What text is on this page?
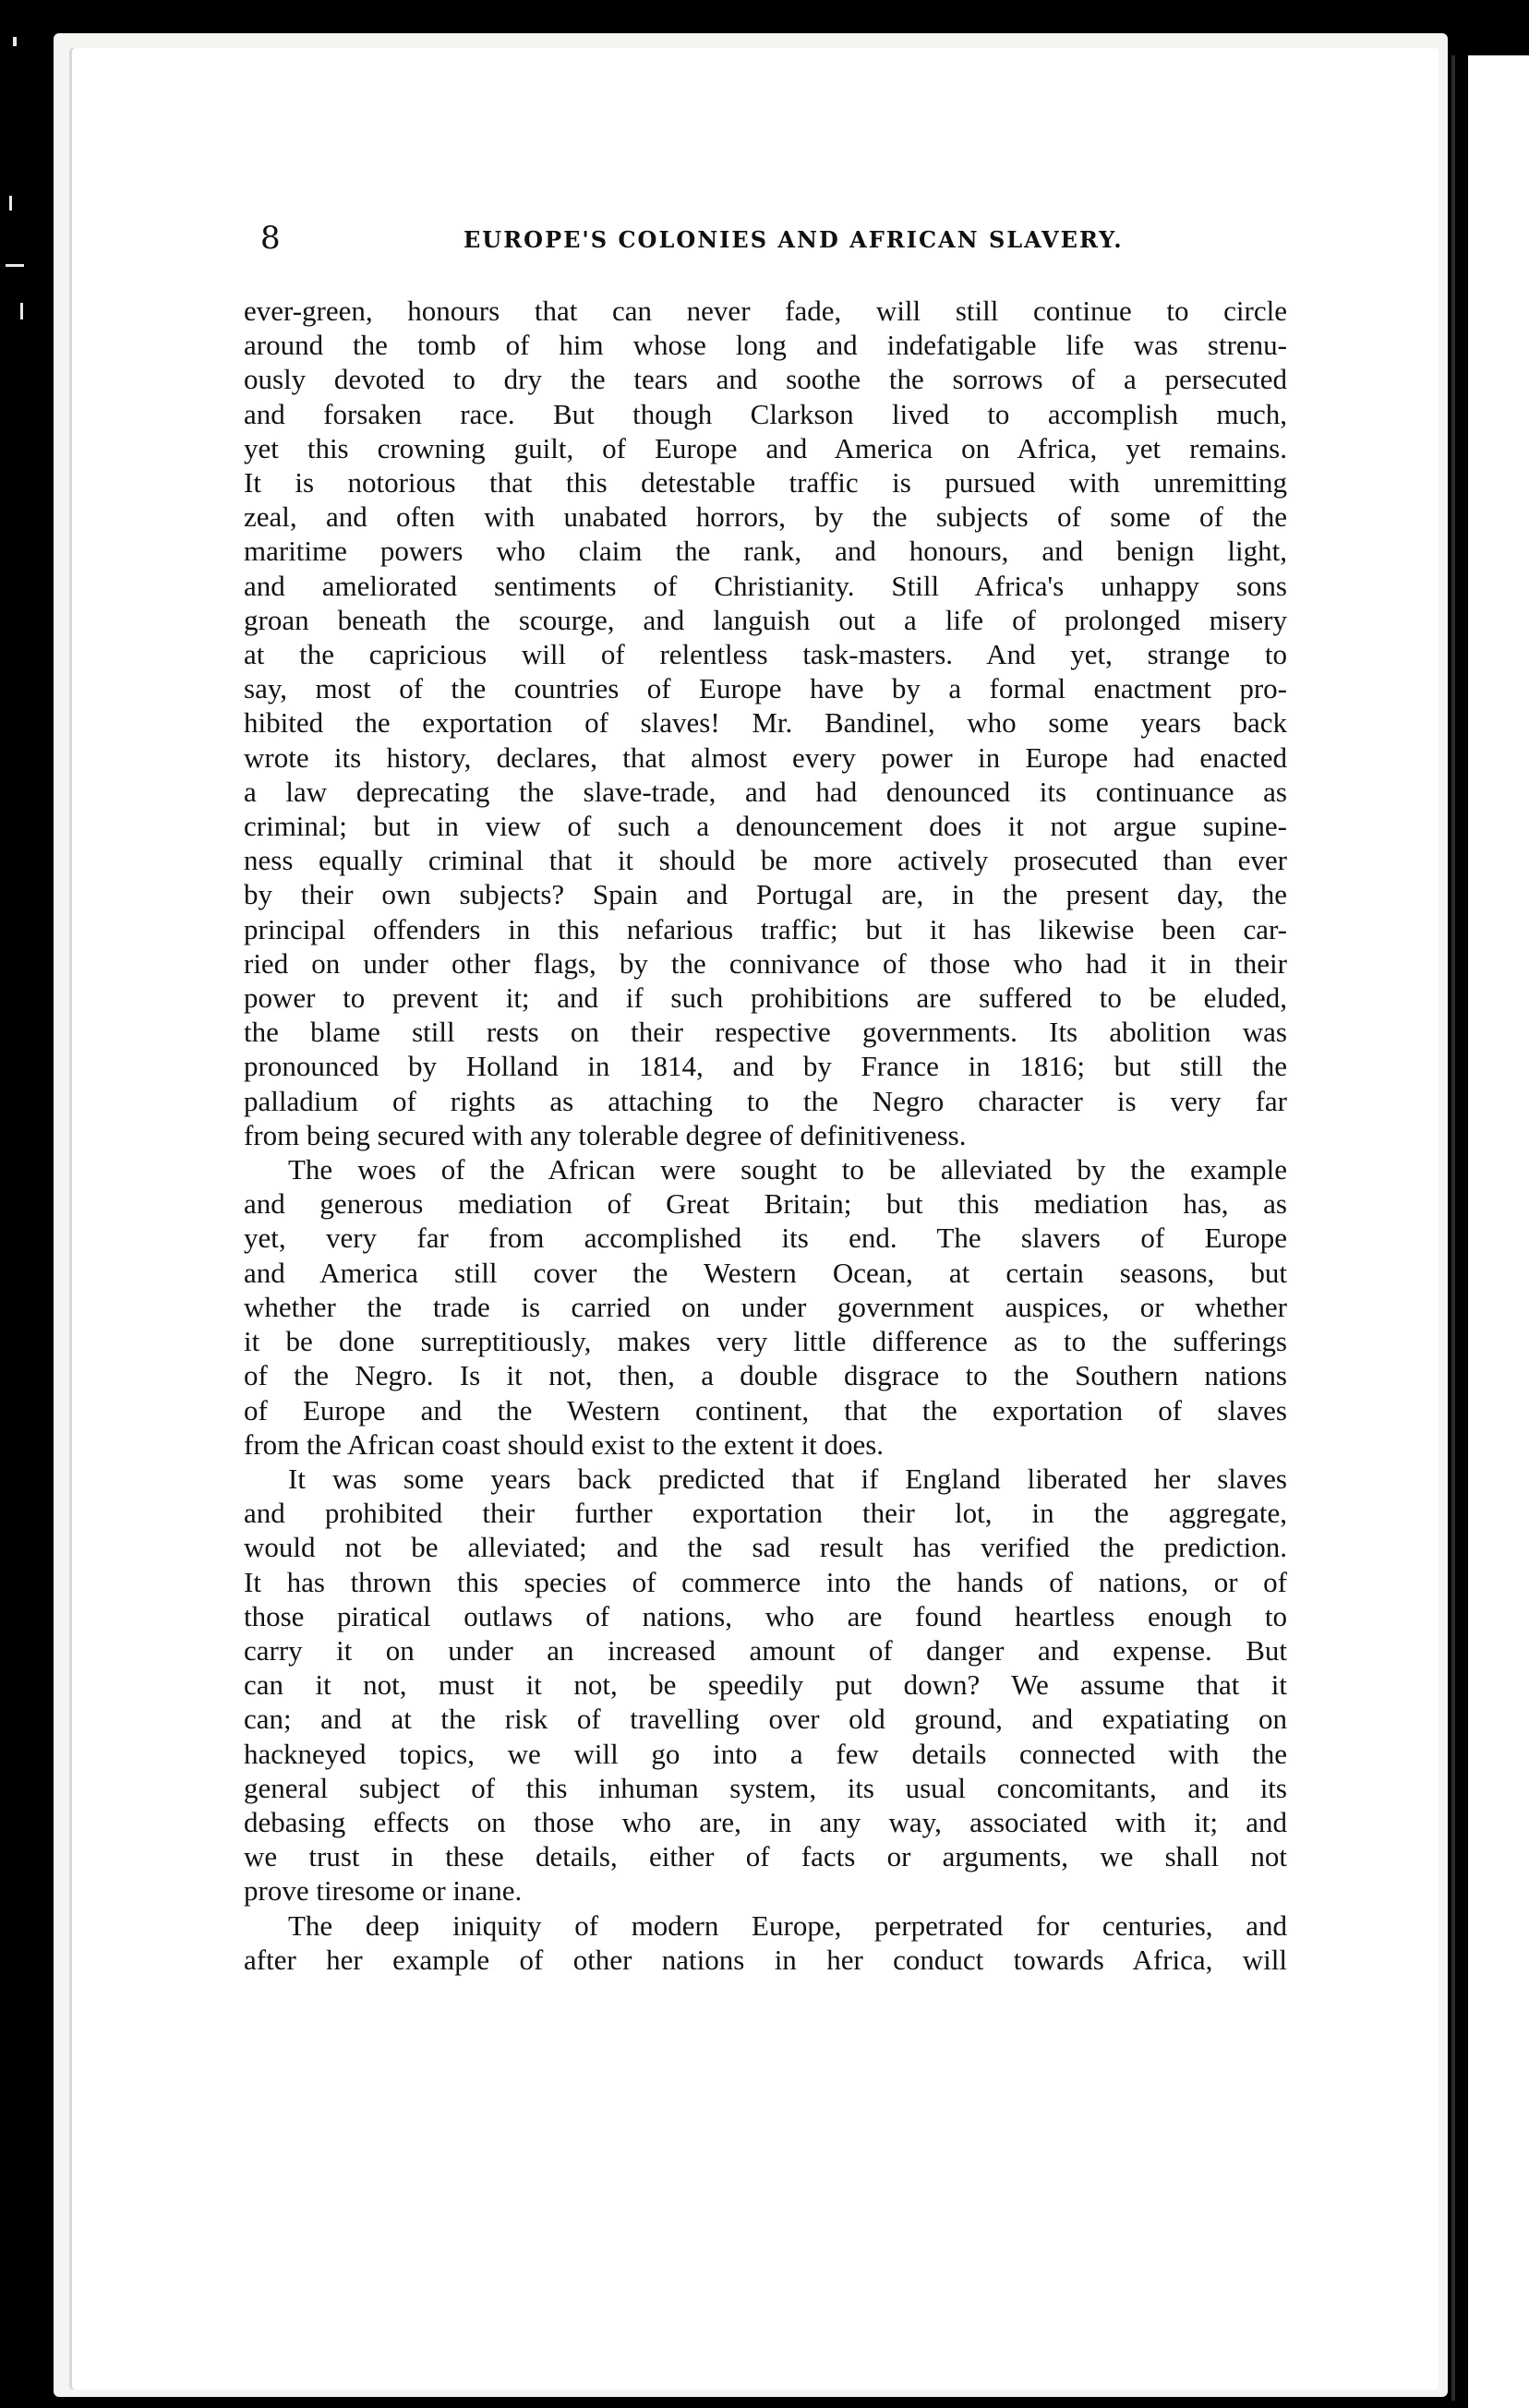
8	EUROPE'S COLONIES AND AFRICAN SLAVERY.
ever-green, honours that can never fade, will still continue to circle
around the tomb of him whose long and indefatigable life was strenu-
ously devoted to dry the tears and soothe the sorrows of a persecuted
and forsaken race. But though Clarkson lived to accomplish much,
yet this crowning guilt, of Europe and America on Africa, yet remains.
It is notorious that this detestable traffic is pursued with unremitting
zeal, and often with unabated horrors, by the subjects of some of the
maritime powers who claim the rank, and honours, and benign light,
and ameliorated sentiments of Christianity. Still Africa's unhappy sons
groan beneath the scourge, and languish out a life of prolonged misery
at the capricious will of relentless task-masters. And yet, strange to
say, most of the countries of Europe have by a formal enactment pro-
hibited the exportation of slaves! Mr. Bandinel, who some years back
wrote its history, declares, that almost every power in Europe had enacted
a law deprecating the slave-trade, and had denounced its continuance as
criminal; but in view of such a denouncement does it not argue supine-
ness equally criminal that it should be more actively prosecuted than ever
by their own subjects? Spain and Portugal are, in the present day, the
principal offenders in this nefarious traffic; but it has likewise been car-
ried on under other flags, by the connivance of those who had it in their
power to prevent it; and if such prohibitions are suffered to be eluded,
the blame still rests on their respective governments. Its abolition was
pronounced by Holland in 1814, and by France in 1816; but still the
palladium of rights as attaching to the Negro character is very far
from being secured with any tolerable degree of definitiveness.
The woes of the African were sought to be alleviated by the example
and generous mediation of Great Britain; but this mediation has, as
yet, very far from accomplished its end. The slavers of Europe
and America still cover the Western Ocean, at certain seasons, but
whether the trade is carried on under government auspices, or whether
it be done surreptitiously, makes very little difference as to the sufferings
of the Negro. Is it not, then, a double disgrace to the Southern nations
of Europe and the Western continent, that the exportation of slaves
from the African coast should exist to the extent it does.
It was some years back predicted that if England liberated her slaves
and prohibited their further exportation their lot, in the aggregate,
would not be alleviated; and the sad result has verified the prediction.
It has thrown this species of commerce into the hands of nations, or of
those piratical outlaws of nations, who are found heartless enough to
carry it on under an increased amount of danger and expense. But
can it not, must it not, be speedily put down? We assume that it
can; and at the risk of travelling over old ground, and expatiating on
hackneyed topics, we will go into a few details connected with the
general subject of this inhuman system, its usual concomitants, and its
debasing effects on those who are, in any way, associated with it; and
we trust in these details, either of facts or arguments, we shall not
prove tiresome or inane.
The deep iniquity of modern Europe, perpetrated for centuries, and
after her example of other nations in her conduct towards Africa, will
